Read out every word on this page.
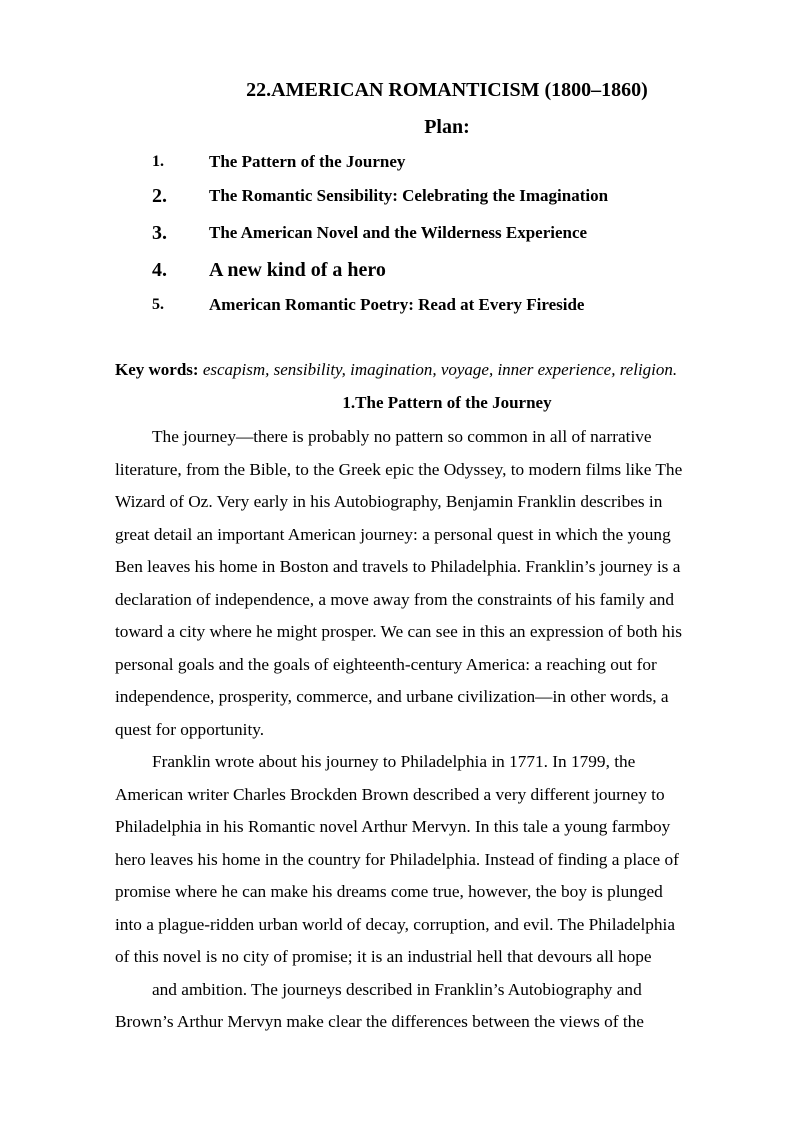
22.AMERICAN ROMANTICISM (1800–1860)
Plan:
1.	The Pattern of the Journey
2. The Romantic Sensibility: Celebrating the Imagination
3. The American Novel and the Wilderness Experience
4. A new kind of a hero
5.	American Romantic Poetry: Read at Every Fireside
Key words: escapism, sensibility, imagination, voyage, inner experience, religion.
1.The Pattern of the Journey
The journey—there is probably no pattern so common in all of narrative
literature, from the Bible, to the Greek epic the Odyssey, to modern films like The
Wizard of Oz. Very early in his Autobiography, Benjamin Franklin describes in
great detail an important American journey: a personal quest in which the young
Ben leaves his home in Boston and travels to Philadelphia. Franklin’s journey is a
declaration of independence, a move away from the constraints of his family and
toward a city where he might prosper. We can see in this an expression of both his
personal goals and the goals of eighteenth-century America: a reaching out for
independence, prosperity, commerce, and urbane civilization—in other words, a
quest for opportunity.
Franklin wrote about his journey to Philadelphia in 1771. In 1799, the
American writer Charles Brockden Brown described a very different journey to
Philadelphia in his Romantic novel Arthur Mervyn. In this tale a young farmboy
hero leaves his home in the country for Philadelphia. Instead of finding a place of
promise where he can make his dreams come true, however, the boy is plunged
into a plague-ridden urban world of decay, corruption, and evil. The Philadelphia
of this novel is no city of promise; it is an industrial hell that devours all hope
and ambition. The journeys described in Franklin’s Autobiography and
Brown’s Arthur Mervyn make clear the differences between the views of the
